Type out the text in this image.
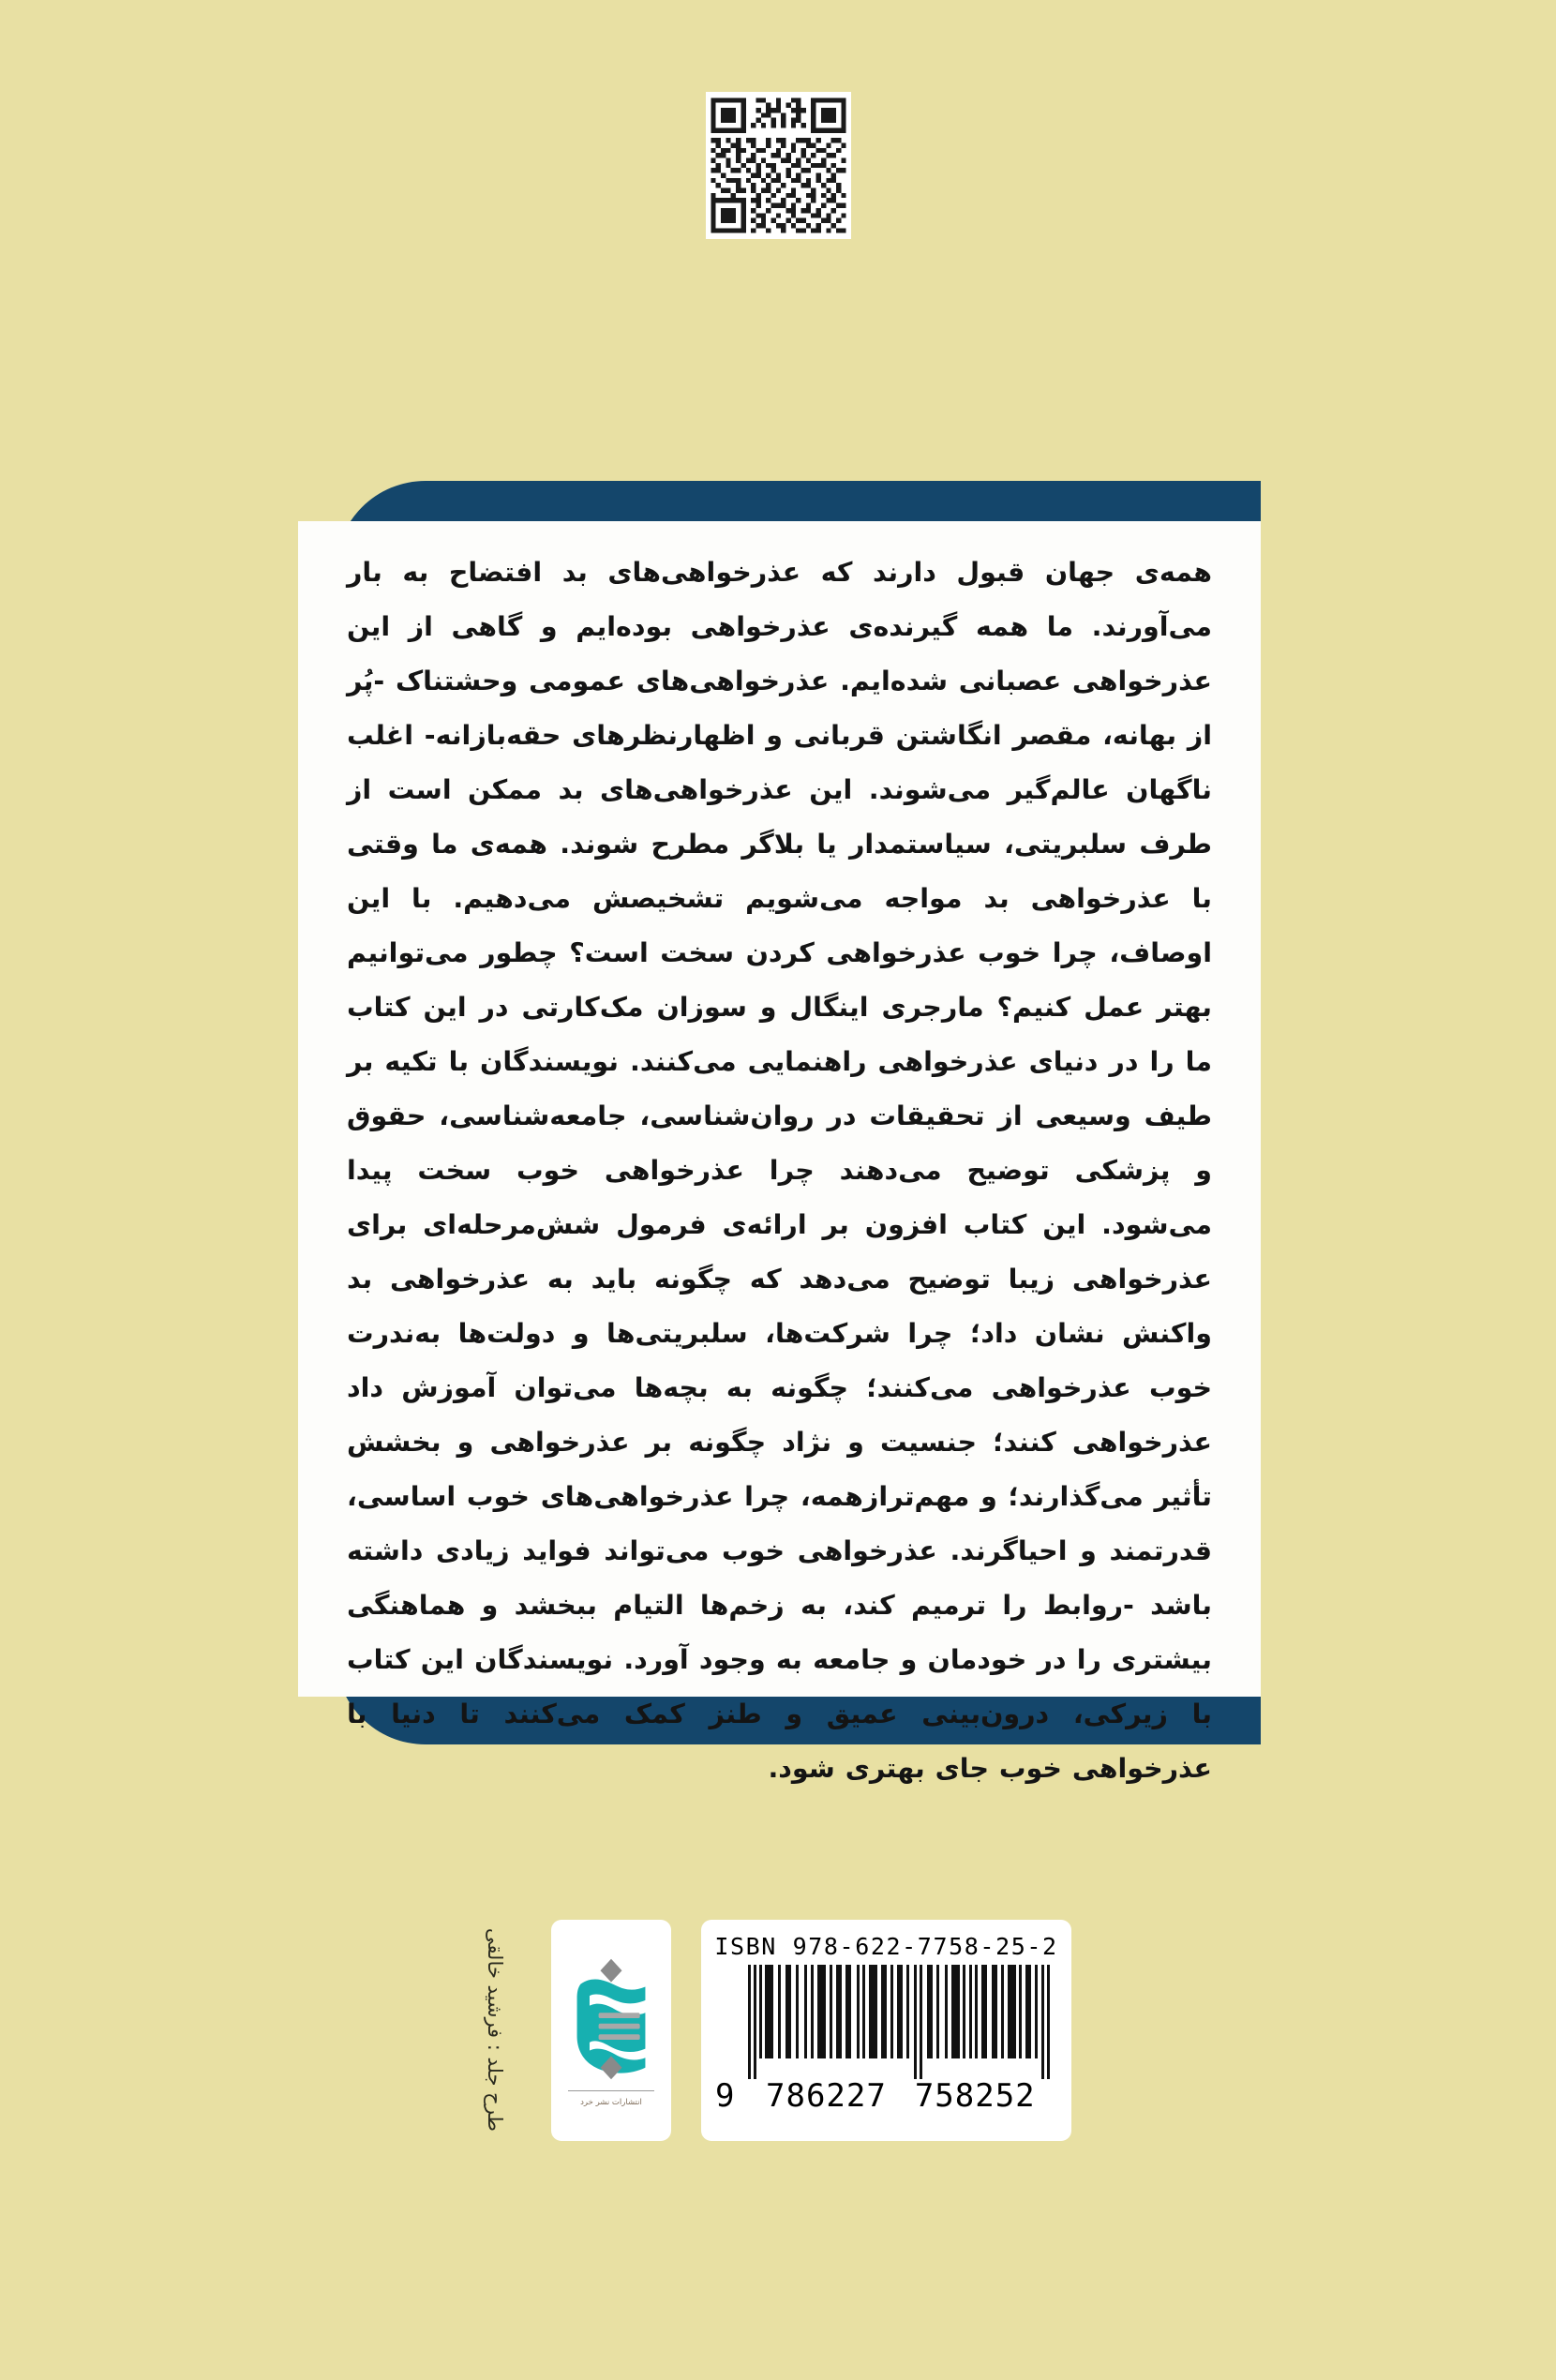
همه‌ی جهان قبول دارند که عذرخواهی‌های بد افتضاح به بار می‌آورند. ما همه گیرنده‌ی عذرخواهی بوده‌ایم و گاهی از این عذرخواهی عصبانی شده‌ایم. عذرخواهی‌های عمومی وحشتناک -پُر از بهانه، مقصر انگاشتن قربانی و اظهارنظرهای حقه‌بازانه- اغلب ناگهان عالم‌گیر می‌شوند. این عذرخواهی‌های بد ممکن است از طرف سلبریتی، سیاستمدار یا بلاگر مطرح شوند. همه‌ی ما وقتی با عذرخواهی بد مواجه می‌شویم تشخیصش می‌دهیم. با این اوصاف، چرا خوب عذرخواهی کردن سخت است؟ چطور می‌توانیم بهتر عمل کنیم؟ مارجری اینگال و سوزان مک‌کارتی در این کتاب ما را در دنیای عذرخواهی راهنمایی می‌کنند. نویسندگان با تکیه بر طیف وسیعی از تحقیقات در روان‌شناسی، جامعه‌شناسی، حقوق و پزشکی توضیح می‌دهند چرا عذرخواهی خوب سخت پیدا می‌شود. این کتاب افزون بر ارائه‌ی فرمول شش‌مرحله‌ای برای عذرخواهی زیبا توضیح می‌دهد که چگونه باید به عذرخواهی بد واکنش نشان داد؛ چرا شرکت‌ها، سلبریتی‌ها و دولت‌ها به‌ندرت خوب عذرخواهی می‌کنند؛ چگونه به بچه‌ها می‌توان آموزش داد عذرخواهی کنند؛ جنسیت و نژاد چگونه بر عذرخواهی و بخشش تأثیر می‌گذارند؛ و مهم‌ترازهمه، چرا عذرخواهی‌های خوب اساسی، قدرتمند و احیاگرند. عذرخواهی خوب می‌تواند فواید زیادی داشته باشد -روابط را ترمیم کند، به زخم‌ها التیام ببخشد و هماهنگی بیشتری را در خودمان و جامعه به وجود آورد. نویسندگان این کتاب با زیرکی، درون‌بینی عمیق و طنز کمک می‌کنند تا دنیا با عذرخواهی خوب جای بهتری شود.

طرح جلد : فرشید خالقی	انتشارات نشر خرد
ISBN 978-622-7758-25-2
9 786227 758252
